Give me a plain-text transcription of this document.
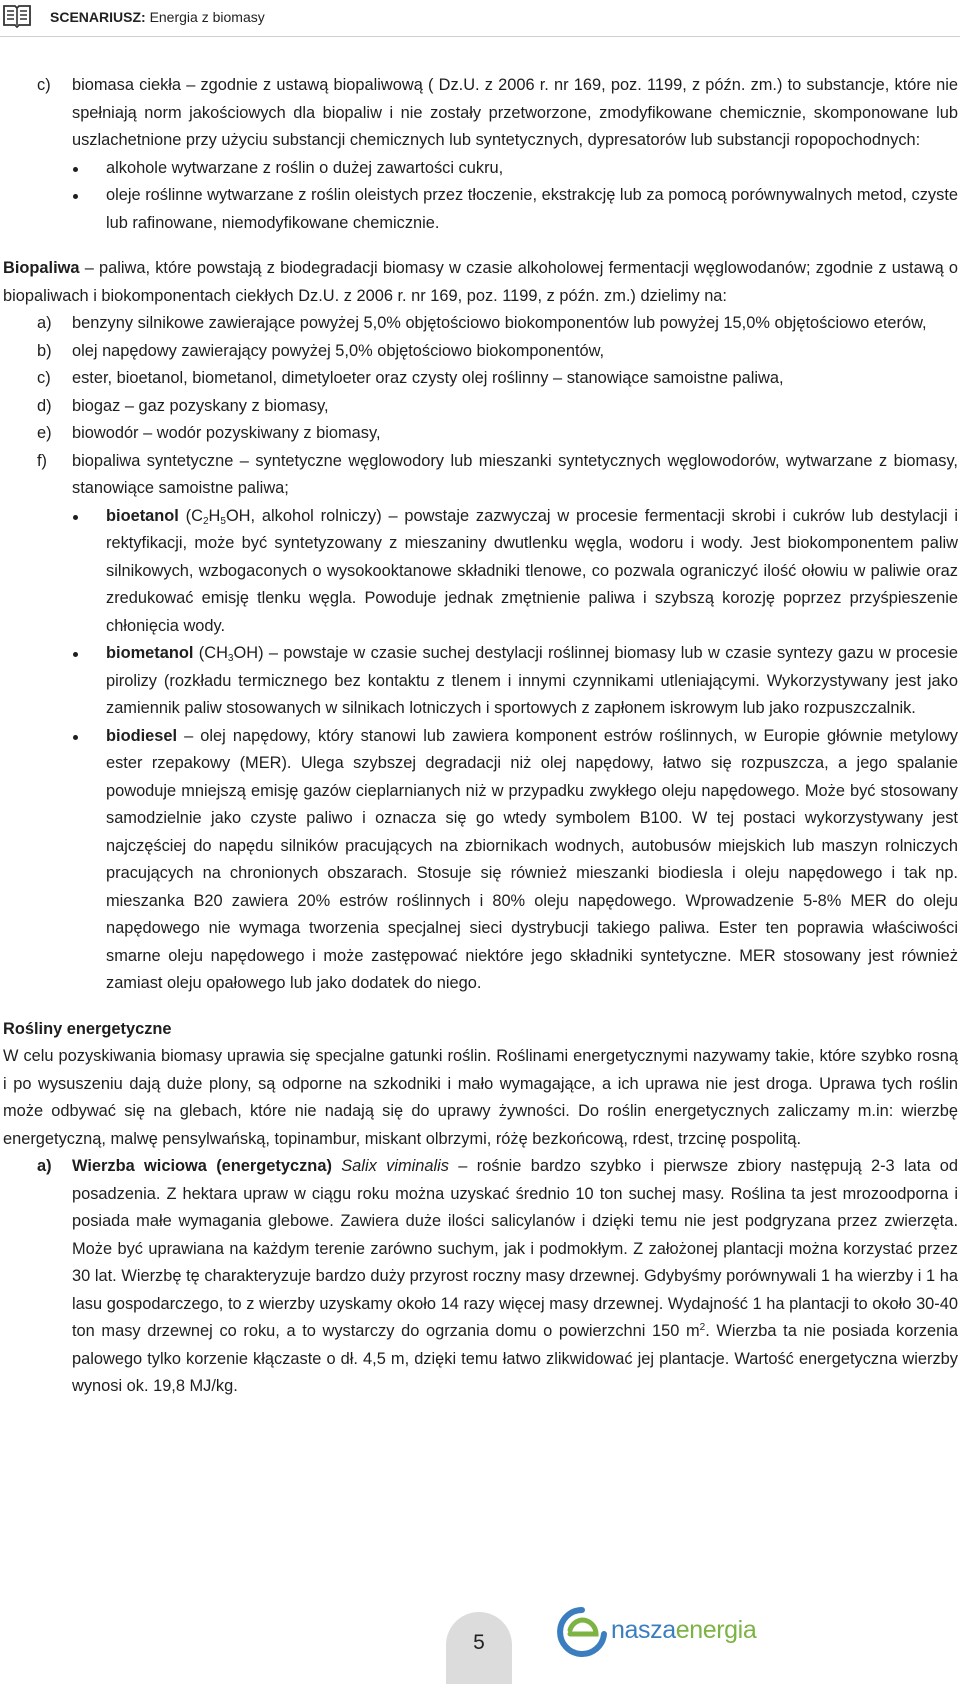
SCENARIUSZ: Energia z biomasy
c) biomasa ciekła – zgodnie z ustawą biopaliwową ( Dz.U. z 2006 r. nr 169, poz. 1199, z późn. zm.) to substancje, które nie spełniają norm jakościowych dla biopaliw i nie zostały przetworzone, zmodyfikowane chemicznie, skomponowane lub uszlachetnione przy użyciu substancji chemicznych lub syntetycznych, dypresatorów lub substancji ropopochodnych:
alkohole wytwarzane z roślin o dużej zawartości cukru,
oleje roślinne wytwarzane z roślin oleistych przez tłoczenie, ekstrakcję lub za pomocą porównywalnych metod, czyste lub rafinowane, niemodyfikowane chemicznie.

Biopaliwa – paliwa, które powstają z biodegradacji biomasy w czasie alkoholowej fermentacji węglowodanów; zgodnie z ustawą o biopaliwach i biokomponentach ciekłych Dz.U. z 2006 r. nr 169, poz. 1199, z późn. zm.) dzielimy na:

a) benzyny silnikowe zawierające powyżej 5,0% objętościowo biokomponentów lub powyżej 15,0% objętościowo eterów,
b) olej napędowy zawierający powyżej 5,0% objętościowo biokomponentów,
c) ester, bioetanol, biometanol, dimetyloeter oraz czysty olej roślinny – stanowiące samoistne paliwa,
d) biogaz – gaz pozyskany z biomasy,
e) biowodór – wodór pozyskiwany z biomasy,
f) biopaliwa syntetyczne – syntetyczne węglowodory lub mieszanki syntetycznych węglowodorów, wytwarzane z biomasy, stanowiące samoistne paliwa;
bioetanol ($C_2H_5OH$, alkohol rolniczy) – powstaje zazwyczaj w procesie fermentacji skrobi i cukrów lub destylacji i rektyfikacji, może być syntetyzowany z mieszaniny dwutlenku węgla, wodoru i wody. Jest biokomponentem paliw silnikowych, wzbogaconych o wysokooktanowe składniki tlenowe, co pozwala ograniczyć ilość ołowiu w paliwie oraz zredukować emisję tlenku węgla. Powoduje jednak zmętnienie paliwa i szybszą korozję poprzez przyśpieszenie chłonięcia wody.
biometanol $(CH_3OH)$ – powstaje w czasie suchej destylacji roślinnej biomasy lub w czasie syntezy gazu w procesie pirolizy (rozkładu termicznego bez kontaktu z tlenem i innymi czynnikami utleniającymi. Wykorzystywany jest jako zamiennik paliw stosowanych w silnikach lotniczych i sportowych z zapłonem iskrowym lub jako rozpuszczalnik.
biodiesel – olej napędowy, który stanowi lub zawiera komponent estrów roślinnych, w Europie głównie metylowy ester rzepakowy (MER). Ulega szybszej degradacji niż olej napędowy, łatwo się rozpuszcza, a jego spalanie powoduje mniejszą emisję gazów cieplarnianych niż w przypadku zwykłego oleju napędowego. Może być stosowany samodzielnie jako czyste paliwo i oznacza się go wtedy symbolem B100. W tej postaci wykorzystywany jest najczęściej do napędu silników pracujących na zbiornikach wodnych, autobusów miejskich lub maszyn rolniczych pracujących na chronionych obszarach. Stosuje się również mieszanki biodiesla i oleju napędowego i tak np. mieszanka B20 zawiera 20% estrów roślinnych i 80% oleju napędowego. Wprowadzenie 5-8% MER do oleju napędowego nie wymaga tworzenia specjalnej sieci dystrybucji takiego paliwa. Ester ten poprawia właściwości smarne oleju napędowego i może zastępować niektóre jego składniki syntetyczne. MER stosowany jest również zamiast oleju opałowego lub jako dodatek do niego.

Rośliny energetyczne

W celu pozyskiwania biomasy uprawia się specjalne gatunki roślin. Roślinami energetycznymi nazywamy takie, które szybko rosną i po wysuszeniu dają duże plony, są odporne na szkodniki i mało wymagające, a ich uprawa nie jest droga. Uprawa tych roślin może odbywać się na glebach, które nie nadają się do uprawy żywności. Do roślin energetycznych zaliczamy m.in: wierzbę energetyczną, malwę pensylwańską, topinambur, miskant olbrzymi, różę bezkońcową, rdest, trzcinę pospolitą.

a) Wierzba wiciowa (energetyczna) Salix viminalis – rośnie bardzo szybko i pierwsze zbiory następują 2-3 lata od posadzenia. Z hektara upraw w ciągu roku można uzyskać średnio 10 ton suchej masy. Roślina ta jest mrozoodporna i posiada małe wymagania glebowe. Zawiera duże ilości salicylanów i dzięki temu nie jest podgryzana przez zwierzęta. Może być uprawiana na każdym terenie zarówno suchym, jak i podmokłym. Z założonej plantacji można korzystać przez 30 lat. Wierzbę tę charakteryzuje bardzo duży przyrost roczny masy drzewnej. Gdybyśmy porównywali 1 ha wierzby i 1 ha lasu gospodarczego, to z wierzby uzyskamy około 14 razy więcej masy drzewnej. Wydajność 1 ha plantacji to około 30-40 ton masy drzewnej co roku, a to wystarczy do ogrzania domu o powierzchni 150 $m^2$. Wierzba ta nie posiada korzenia palowego tylko korzenie kłączaste o dł. 4,5 m, dzięki temu łatwo zlikwidować jej plantacje. Wartość energetyczna wierzby wynosi ok. 19,8 MJ/kg.
5	naszaenergia
